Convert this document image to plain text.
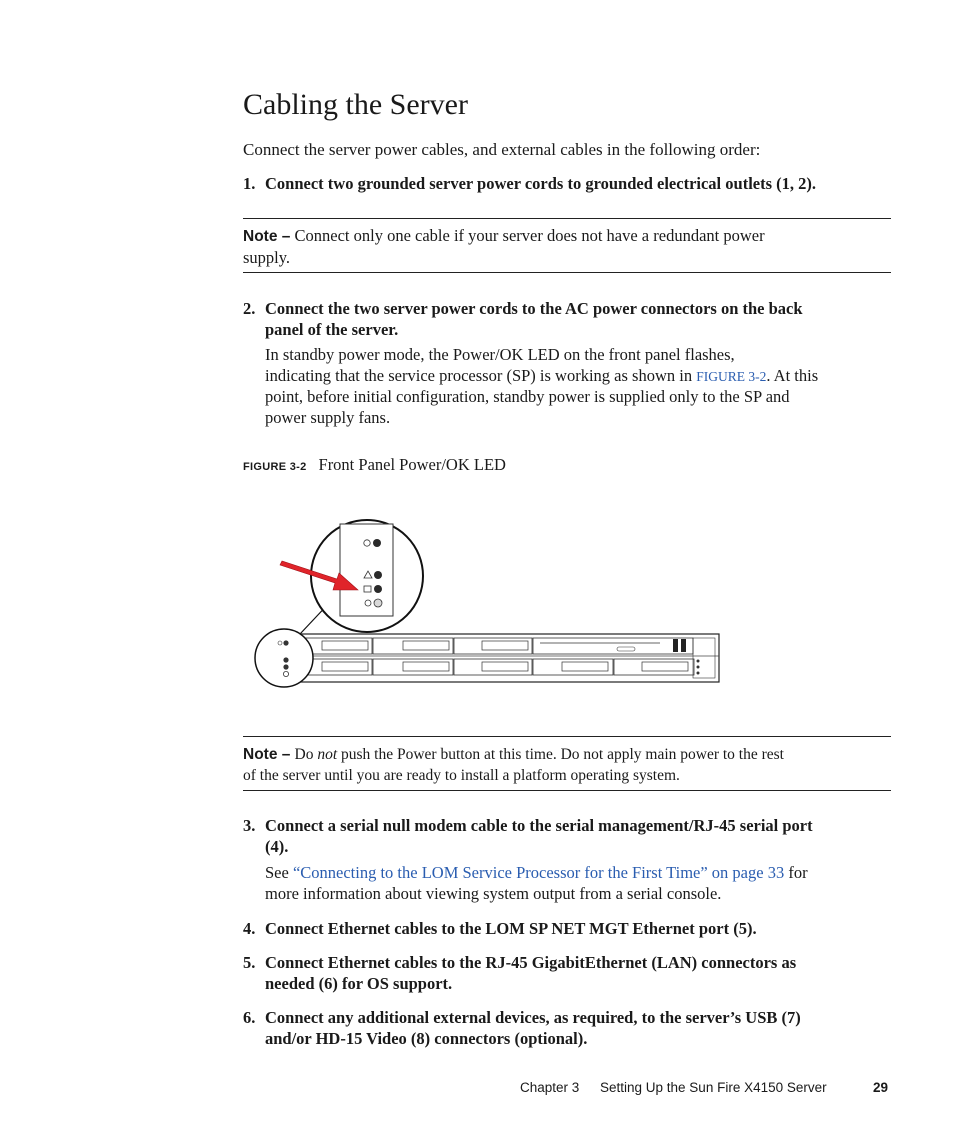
Cabling the Server

Connect the server power cables, and external cables in the following order:

1. Connect two grounded server power cords to grounded electrical outlets (1, 2).
Note – Connect only one cable if your server does not have a redundant power
supply.
2. Connect the two server power cords to the AC power connectors on the back
panel of the server.
In standby power mode, the Power/OK LED on the front panel flashes,
indicating that the service processor (SP) is working as shown in FIGURE 3-2. At this
point, before initial configuration, standby power is supplied only to the SP and
power supply fans.
FIGURE 3-2 Front Panel Power/OK LED
Note – Do not push the Power button at this time. Do not apply main power to the rest
of the server until you are ready to install a platform operating system.
3. Connect a serial null modem cable to the serial management/RJ-45 serial port
(4).
See “Connecting to the LOM Service Processor for the First Time” on page 33 for
more information about viewing system output from a serial console.
4. Connect Ethernet cables to the LOM SP NET MGT Ethernet port (5).
5. Connect Ethernet cables to the RJ-45 GigabitEthernet (LAN) connectors as
needed (6) for OS support.
6. Connect any additional external devices, as required, to the server’s USB (7)
and/or HD-15 Video (8) connectors (optional).
Chapter 3 Setting Up the Sun Fire X4150 Server	29
